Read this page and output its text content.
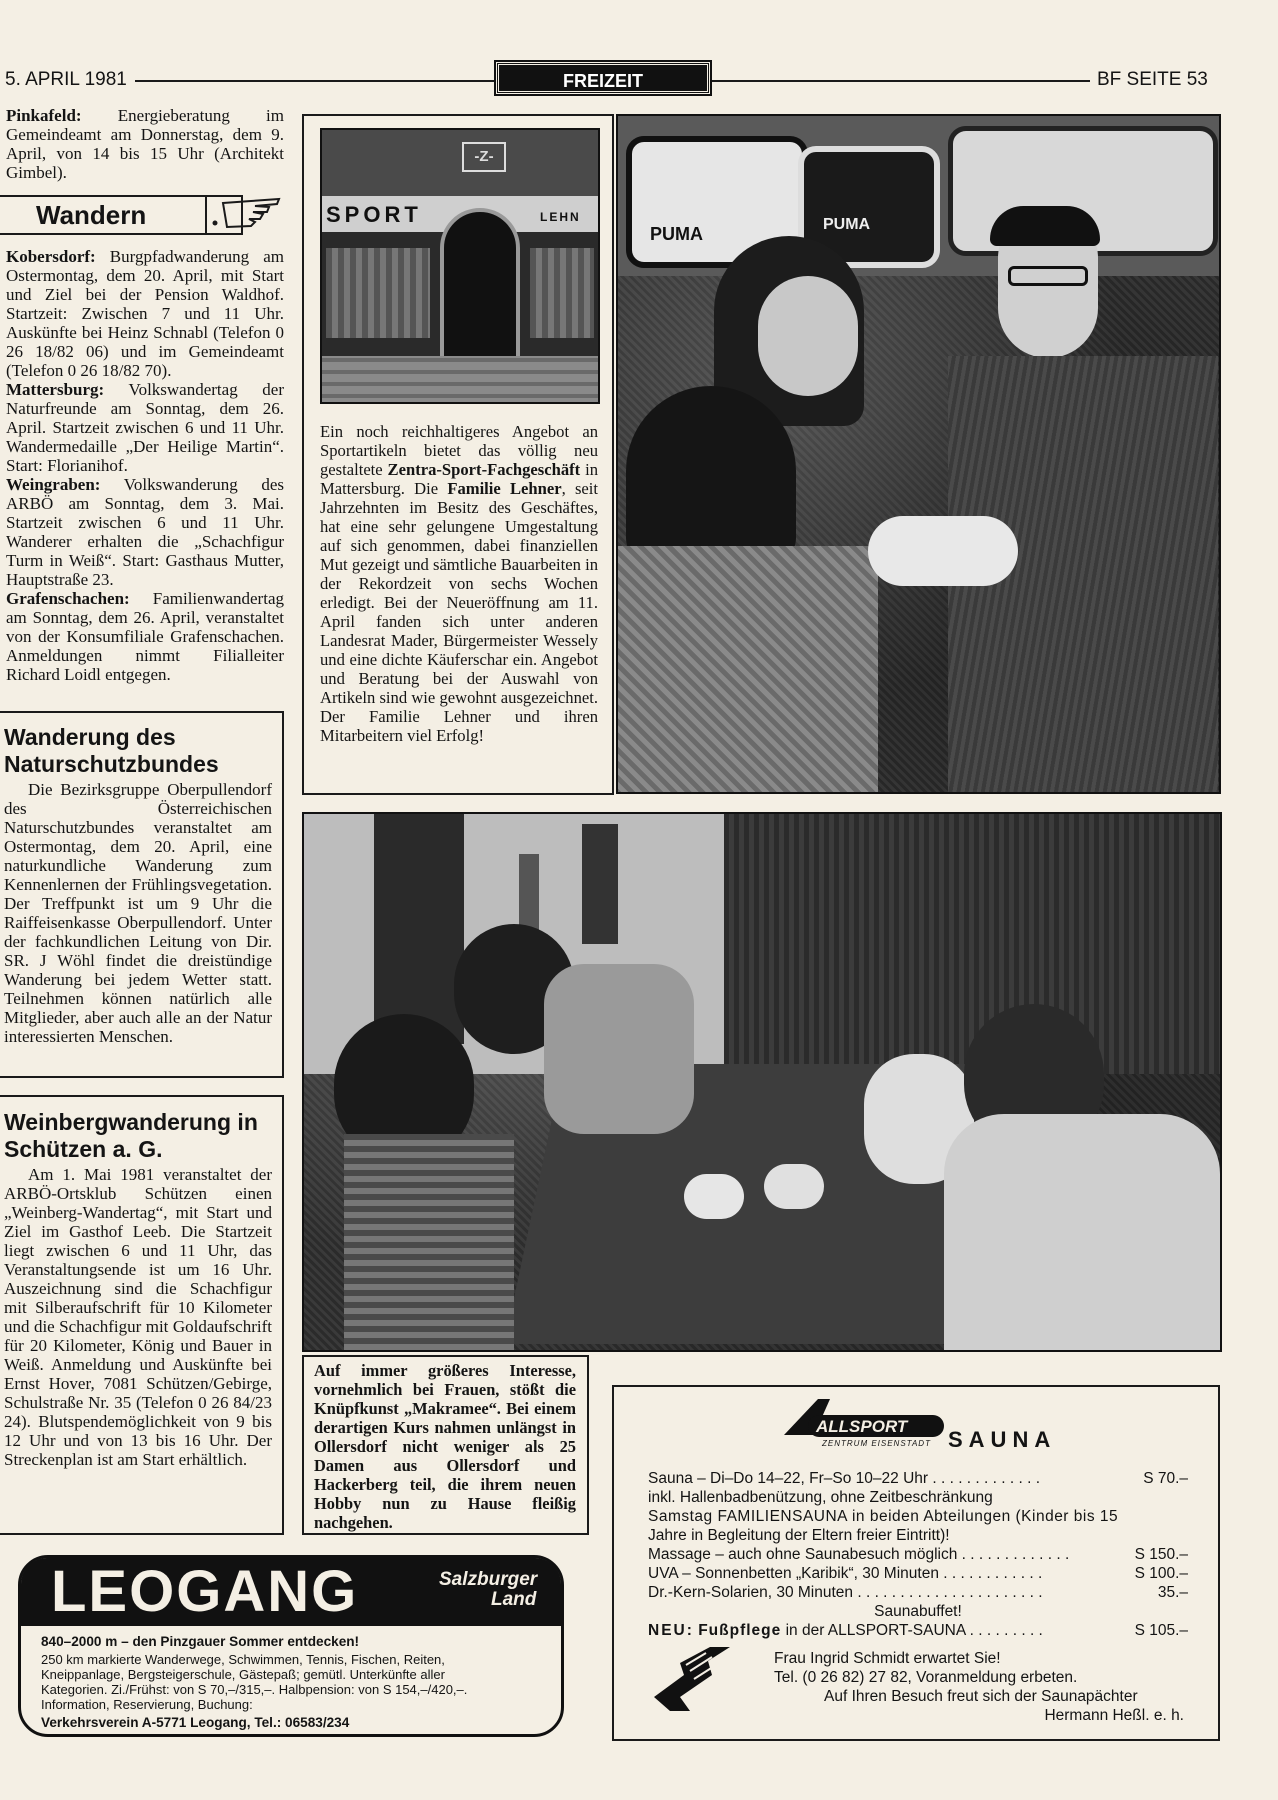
5. APRIL 1981	FREIZEIT	BF SEITE 53

Pinkafeld: Energieberatung im Gemeindeamt am Donnerstag, dem 9. April, von 14 bis 15 Uhr (Architekt Gimbel).

Wandern

Kobersdorf: Burgpfadwanderung am Ostermontag, dem 20. April, mit Start und Ziel bei der Pension Waldhof. Startzeit: Zwischen 7 und 11 Uhr. Auskünfte bei Heinz Schnabl (Telefon 0 26 18/82 06) und im Gemeindeamt (Telefon 0 26 18/82 70).

Mattersburg: Volkswandertag der Naturfreunde am Sonntag, dem 26. April. Startzeit zwischen 6 und 11 Uhr. Wandermedaille „Der Heilige Martin“. Start: Florianihof.

Weingraben: Volkswanderung des ARBÖ am Sonntag, dem 3. Mai. Startzeit zwischen 6 und 11 Uhr. Wanderer erhalten die „Schachfigur Turm in Weiß“. Start: Gasthaus Mutter, Hauptstraße 23.

Grafenschachen: Familienwandertag am Sonntag, dem 26. April, veranstaltet von der Konsumfiliale Grafenschachen. Anmeldungen nimmt Filialleiter Richard Loidl entgegen.

Wanderung des Naturschutzbundes

Die Bezirksgruppe Oberpullendorf des Österreichischen Naturschutzbundes veranstaltet am Ostermontag, dem 20. April, eine naturkundliche Wanderung zum Kennenlernen der Frühlingsvegetation. Der Treffpunkt ist um 9 Uhr die Raiffeisenkasse Oberpullendorf. Unter der fachkundlichen Leitung von Dir. SR. J Wöhl findet die dreistündige Wanderung bei jedem Wetter statt. Teilnehmen können natürlich alle Mitglieder, aber auch alle an der Natur interessierten Menschen.

Weinbergwanderung in Schützen a. G.

Am 1. Mai 1981 veranstaltet der ARBÖ-Ortsklub Schützen einen „Weinberg-Wandertag“, mit Start und Ziel im Gasthof Leeb. Die Startzeit liegt zwischen 6 und 11 Uhr, das Veranstaltungsende ist um 16 Uhr. Auszeichnung sind die Schachfigur mit Silberaufschrift für 10 Kilometer und die Schachfigur mit Goldaufschrift für 20 Kilometer, König und Bauer in Weiß. Anmeldung und Auskünfte bei Ernst Hover, 7081 Schützen/Gebirge, Schulstraße Nr. 35 (Telefon 0 26 84/23 24). Blutspendemöglichkeit von 9 bis 12 Uhr und von 13 bis 16 Uhr. Der Streckenplan ist am Start erhältlich.

-Z-
SPORT	LEHN

Ein noch reichhaltigeres Angebot an Sportartikeln bietet das völlig neu gestaltete Zentra-Sport-Fachgeschäft in Mattersburg. Die Familie Lehner, seit Jahrzehnten im Besitz des Geschäftes, hat eine sehr gelungene Umgestaltung auf sich genommen, dabei finanziellen Mut gezeigt und sämtliche Bauarbeiten in der Rekordzeit von sechs Wochen erledigt. Bei der Neueröffnung am 11. April fanden sich unter anderen Landesrat Mader, Bürgermeister Wessely und eine dichte Käuferschar ein. Angebot und Beratung bei der Auswahl von Artikeln sind wie gewohnt ausgezeichnet. Der Familie Lehner und ihren Mitarbeitern viel Erfolg!

PUMA	PUMA

Auf immer größeres Interesse, vornehmlich bei Frauen, stößt die Knüpfkunst „Makramee“. Bei einem derartigen Kurs nahmen unlängst in Ollersdorf nicht weniger als 25 Damen aus Ollersdorf und Hackerberg teil, die ihrem neuen Hobby nun zu Hause fleißig nachgehen.

LEOGANG	Salzburger
Land
840–2000 m – den Pinzgauer Sommer entdecken!
250 km markierte Wanderwege, Schwimmen, Tennis, Fischen, Reiten,
Kneippanlage, Bergsteigerschule, Gästepaß; gemütl. Unterkünfte aller
Kategorien. Zi./Frühst: von S 70,–/315,–. Halbpension: von S 154,–/420,–.
Information, Reservierung, Buchung:
Verkehrsverein A-5771 Leogang, Tel.: 06583/234
ALLSPORT
ZENTRUM EISENSTADT SAUNA
Sauna – Di–Do 14–22, Fr–So 10–22 Uhr . . . . . . . . . . . . .	S 70.–
inkl. Hallenbadbenützung, ohne Zeitbeschränkung
Samstag FAMILIENSAUNA in beiden Abteilungen (Kinder bis 15
Jahre in Begleitung der Eltern freier Eintritt)!
Massage – auch ohne Saunabesuch möglich . . . . . . . . . . . . .	S 150.–
UVA – Sonnenbetten „Karibik“, 30 Minuten . . . . . . . . . . . .	S 100.–
Dr.-Kern-Solarien, 30 Minuten . . . . . . . . . . . . . . . . . . . . . .	35.–
Saunabuffet!
NEU: Fußpflege in der ALLSPORT-SAUNA . . . . . . . . .	S 105.–
Frau Ingrid Schmidt erwartet Sie!
Tel. (0 26 82) 27 82, Voranmeldung erbeten.
Auf Ihren Besuch freut sich der Saunapächter
Hermann Heßl. e. h.
